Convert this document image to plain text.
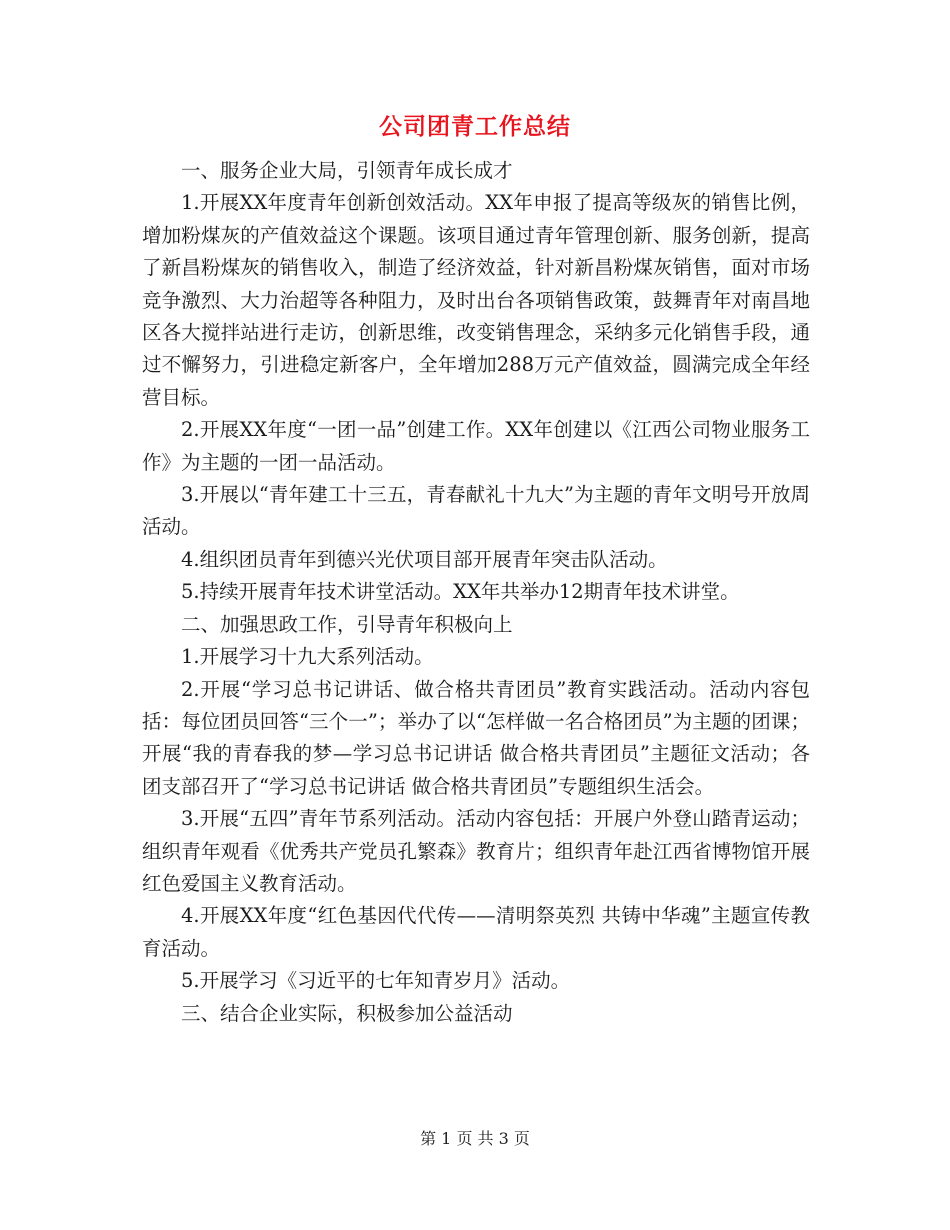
公司团青工作总结

一、服务企业大局，引领青年成长成才

1.开展XX年度青年创新创效活动。XX年申报了提高等级灰的销售比例，增加粉煤灰的产值效益这个课题。该项目通过青年管理创新、服务创新，提高了新昌粉煤灰的销售收入，制造了经济效益，针对新昌粉煤灰销售，面对市场竞争激烈、大力治超等各种阻力，及时出台各项销售政策，鼓舞青年对南昌地区各大搅拌站进行走访，创新思维，改变销售理念，采纳多元化销售手段，通过不懈努力，引进稳定新客户，全年增加288万元产值效益，圆满完成全年经营目标。

2.开展XX年度“一团一品”创建工作。XX年创建以《江西公司物业服务工作》为主题的一团一品活动。

3.开展以“青年建工十三五，青春献礼十九大”为主题的青年文明号开放周活动。

4.组织团员青年到德兴光伏项目部开展青年突击队活动。

5.持续开展青年技术讲堂活动。XX年共举办12期青年技术讲堂。

二、加强思政工作，引导青年积极向上

1.开展学习十九大系列活动。

2.开展“学习总书记讲话、做合格共青团员”教育实践活动。活动内容包括：每位团员回答“三个一”；举办了以“怎样做一名合格团员”为主题的团课；开展“我的青春我的梦—学习总书记讲话 做合格共青团员”主题征文活动；各团支部召开了“学习总书记讲话 做合格共青团员”专题组织生活会。

3.开展“五四”青年节系列活动。活动内容包括：开展户外登山踏青运动；组织青年观看《优秀共产党员孔繁森》教育片；组织青年赴江西省博物馆开展红色爱国主义教育活动。

4.开展XX年度“红色基因代代传——清明祭英烈 共铸中华魂”主题宣传教育活动。

5.开展学习《习近平的七年知青岁月》活动。

三、结合企业实际，积极参加公益活动

第 1 页 共 3 页
